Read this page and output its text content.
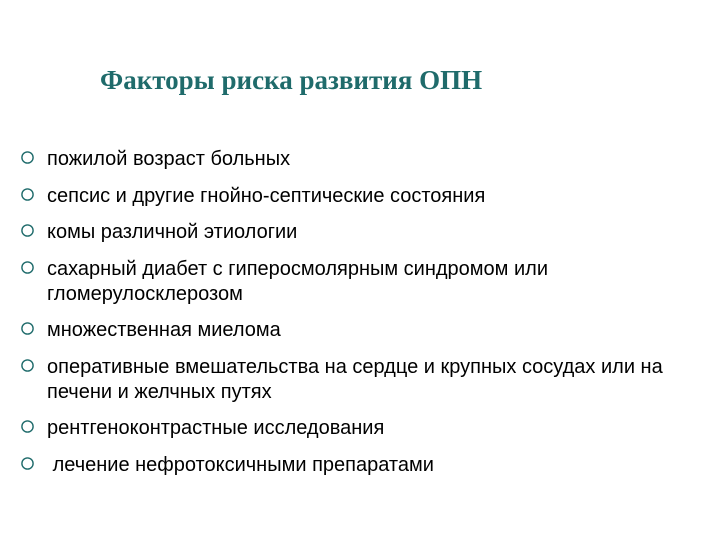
Факторы риска развития ОПН
пожилой возраст больных
сепсис и другие гнойно-септические состояния
комы различной этиологии
сахарный диабет с гиперосмолярным синдромом или гломерулосклерозом
множественная миелома
оперативные вмешательства на сердце и крупных сосудах или на печени и желчных путях
рентгеноконтрастные исследования
лечение нефротоксичными препаратами
